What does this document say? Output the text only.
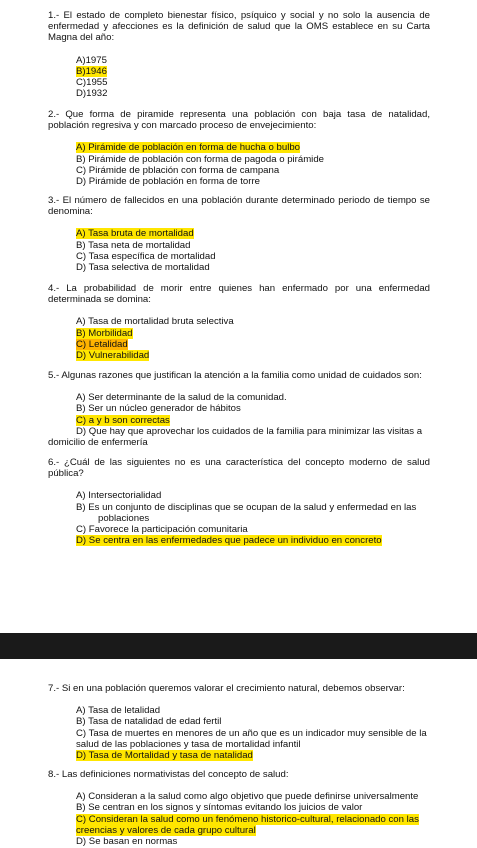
1.- El estado de completo bienestar físico, psíquico y social y no solo la ausencia de enfermedad y afecciones es la definición de salud que la OMS establece en su Carta Magna del año:

A)1975
B)1946
C)1955
D)1932

2.- Que forma de piramide representa una población con baja tasa de natalidad, población regresiva y con marcado proceso de envejecimiento:

A) Pirámide de población en forma de hucha o bulbo
B) Pirámide de población con forma de pagoda o pirámide
C) Pirámide de pblación con forma de campana
D) Pirámide de población en forma de torre

3.- El número de fallecidos en una población durante determinado periodo de tiempo se denomina:

A) Tasa bruta de mortalidad
B) Tasa neta de mortalidad
C) Tasa específica de mortalidad
D) Tasa selectiva de mortalidad

4.- La probabilidad de morir entre quienes han enfermado por una enfermedad determinada se domina:

A) Tasa de mortalidad bruta selectiva
B) Morbilidad
C) Letalidad
D) Vulnerabilidad

5.- Algunas razones que justifican la atención a la familia como unidad de cuidados son:

A) Ser determinante de la salud de la comunidad.
B) Ser un núcleo generador de hábitos
C) a y b son correctas
D) Que hay que aprovechar los cuidados de la familia para minimizar las visitas a
domicilio de enfermería

6.- ¿Cuál de las siguientes no es una característica del concepto moderno de salud pública?

A) Intersectorialidad
B) Es un conjunto de disciplinas que se ocupan de la salud y enfermedad en las
poblaciones
C) Favorece la participación comunitaria
D) Se centra en las enfermedades que padece un individuo en concreto

7.- Si en una población queremos valorar el crecimiento natural, debemos observar:

A) Tasa de letalidad
B) Tasa de natalidad de edad fertil
C) Tasa de muertes en menores de un año que es un indicador muy sensible de la
salud de las poblaciones y tasa de mortalidad infantil
D) Tasa de Mortalidad y tasa de natalidad

8.- Las definiciones normativistas del concepto de salud:

A) Consideran a la salud como algo objetivo que puede definirse universalmente
B) Se centran en los signos y síntomas evitando los juicios de valor
C) Consideran la salud como un fenómeno historico-cultural, relacionado con las
creencias y valores de cada grupo cultural
D) Se basan en normas
